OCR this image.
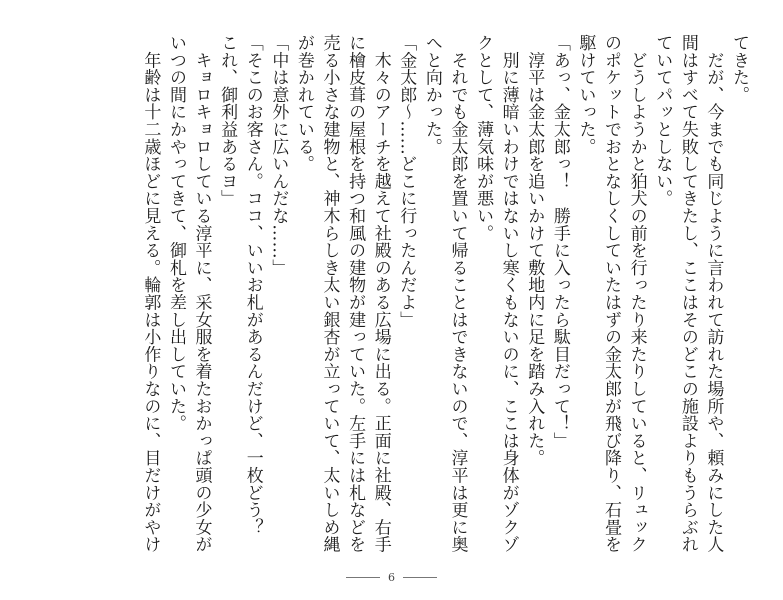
てきた。
　だが、今までも同じように言われて訪れた場所や、頼みにした人
間はすべて失敗してきたし、ここはそのどこの施設よりもうらぶれ
ていてパッとしない。
　どうしようかと狛犬の前を行ったり来たりしていると、リュック
のポケットでおとなしくしていたはずの金太郎が飛び降り、石畳を
駆けていった。
「あっ、金太郎っ！　勝手に入ったら駄目だって！」
　淳平は金太郎を追いかけて敷地内に足を踏み入れた。
　別に薄暗いわけではないし寒くもないのに、ここは身体がゾクゾ
クとして、薄気味が悪い。
　それでも金太郎を置いて帰ることはできないので、淳平は更に奥
へと向かった。
「金太郎〜……どこに行ったんだよ」
　木々のアーチを越えて社殿のある広場に出る。正面に社殿、右手
に檜皮葺の屋根を持つ和風の建物が建っていた。左手には札などを
売る小さな建物と、神木らしき太い銀杏が立っていて、太いしめ縄
が巻かれている。
「中は意外に広いんだな……」
「そこのお客さん。ココ、いいお札があるんだけど、一枚どう？
これ、御利益あるヨ」
　キョロキョロしている淳平に、采女服を着たおかっぱ頭の少女が
いつの間にかやってきて、御札を差し出していた。
　年齢は十二歳ほどに見える。輪郭は小作りなのに、目だけがやけ
6
